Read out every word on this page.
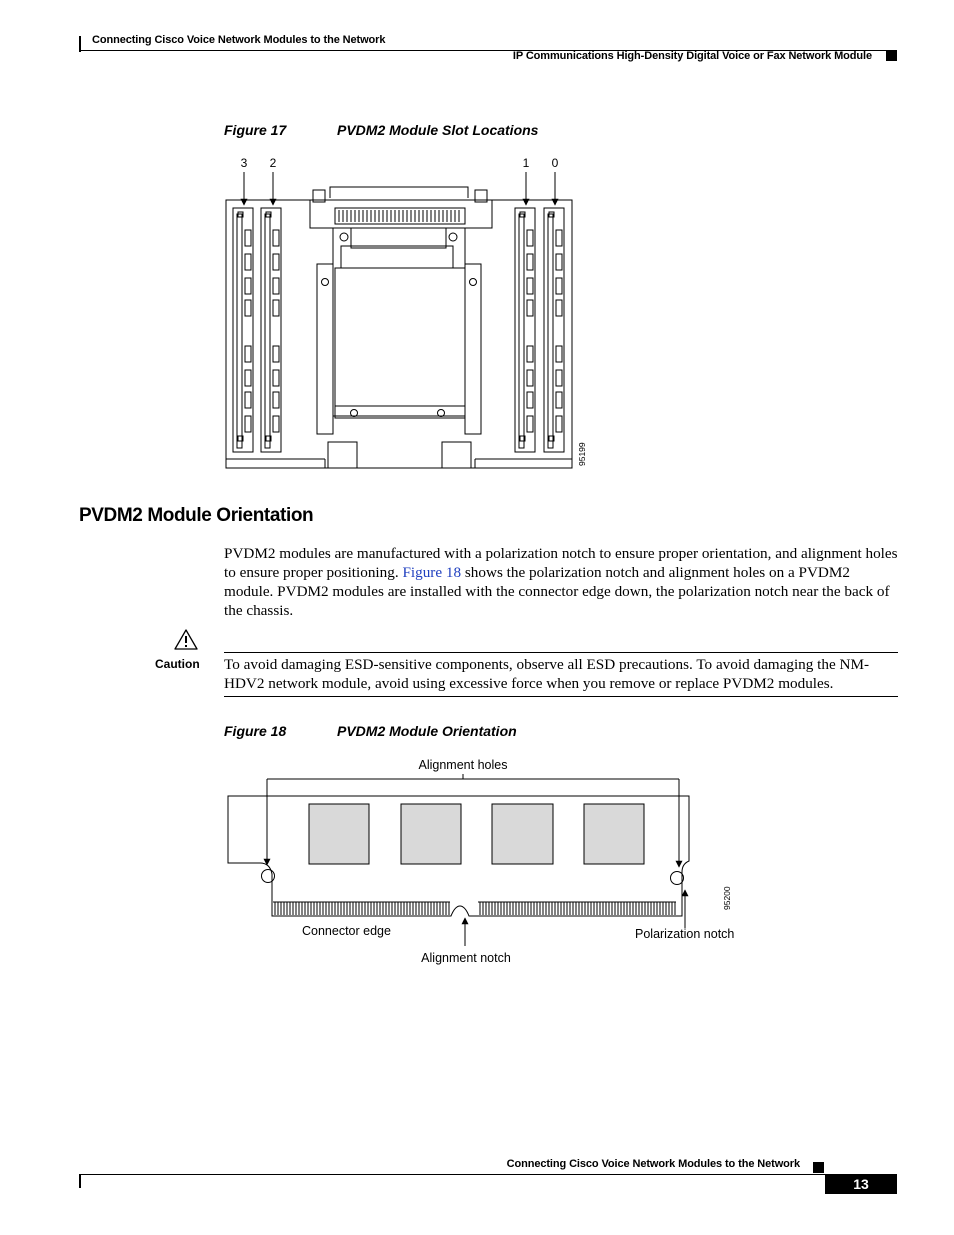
Connecting Cisco Voice Network Modules to the Network
IP Communications High-Density Digital Voice or Fax Network Module
Figure 17	PVDM2 Module Slot Locations
3 2	1 0
95199
PVDM2 Module Orientation
PVDM2 modules are manufactured with a polarization notch to ensure proper orientation, and alignment holes to ensure proper positioning. Figure 18 shows the polarization notch and alignment holes on a PVDM2 module. PVDM2 modules are installed with the connector edge down, the polarization notch near the back of the chassis.
Caution To avoid damaging ESD-sensitive components, observe all ESD precautions. To avoid damaging the NM-HDV2 network module, avoid using excessive force when you remove or replace PVDM2 modules.
Figure 18	PVDM2 Module Orientation
Alignment holes
Connector edge
Alignment notch
Polarization notch
95200
Connecting Cisco Voice Network Modules to the Network
13
